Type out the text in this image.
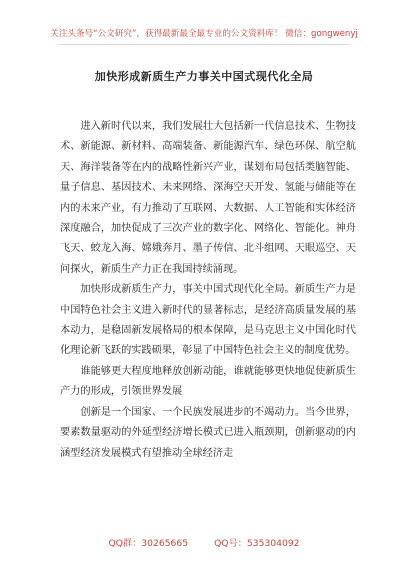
关注头条号“公文研究”，获得最新最全最专业的公文资料库！ 微信：gongwenyj
加快形成新质生产力事关中国式现代化全局

进入新时代以来，我们发展壮大包括新一代信息技术、生物技术、新能源、新材料、高端装备、新能源汽车、绿色环保、航空航天、海洋装备等在内的战略性新兴产业，谋划布局包括类脑智能、量子信息、基因技术、未来网络、深海空天开发、氢能与储能等在内的未来产业，有力推动了互联网、大数据、人工智能和实体经济深度融合，加快促成了三次产业的数字化、网络化、智能化。神舟飞天、蛟龙入海、嫦娥奔月、墨子传信、北斗组网、天眼巡空、天问探火，新质生产力正在我国持续涌现。

加快形成新质生产力，事关中国式现代化全局。新质生产力是中国特色社会主义进入新时代的显著标志，是经济高质量发展的基本动力，是稳固新发展格局的根本保障，是马克思主义中国化时代化理论新飞跃的实践硕果，彰显了中国特色社会主义的制度优势。

谁能够更大程度地释放创新动能，谁就能够更快地促使新质生产力的形成，引领世界发展

创新是一个国家、一个民族发展进步的不竭动力。当今世界，要素数量驱动的外延型经济增长模式已进入瓶颈期，创新驱动的内涵型经济发展模式有望推动全球经济走

QQ群：30265665	QQ号：535304092
